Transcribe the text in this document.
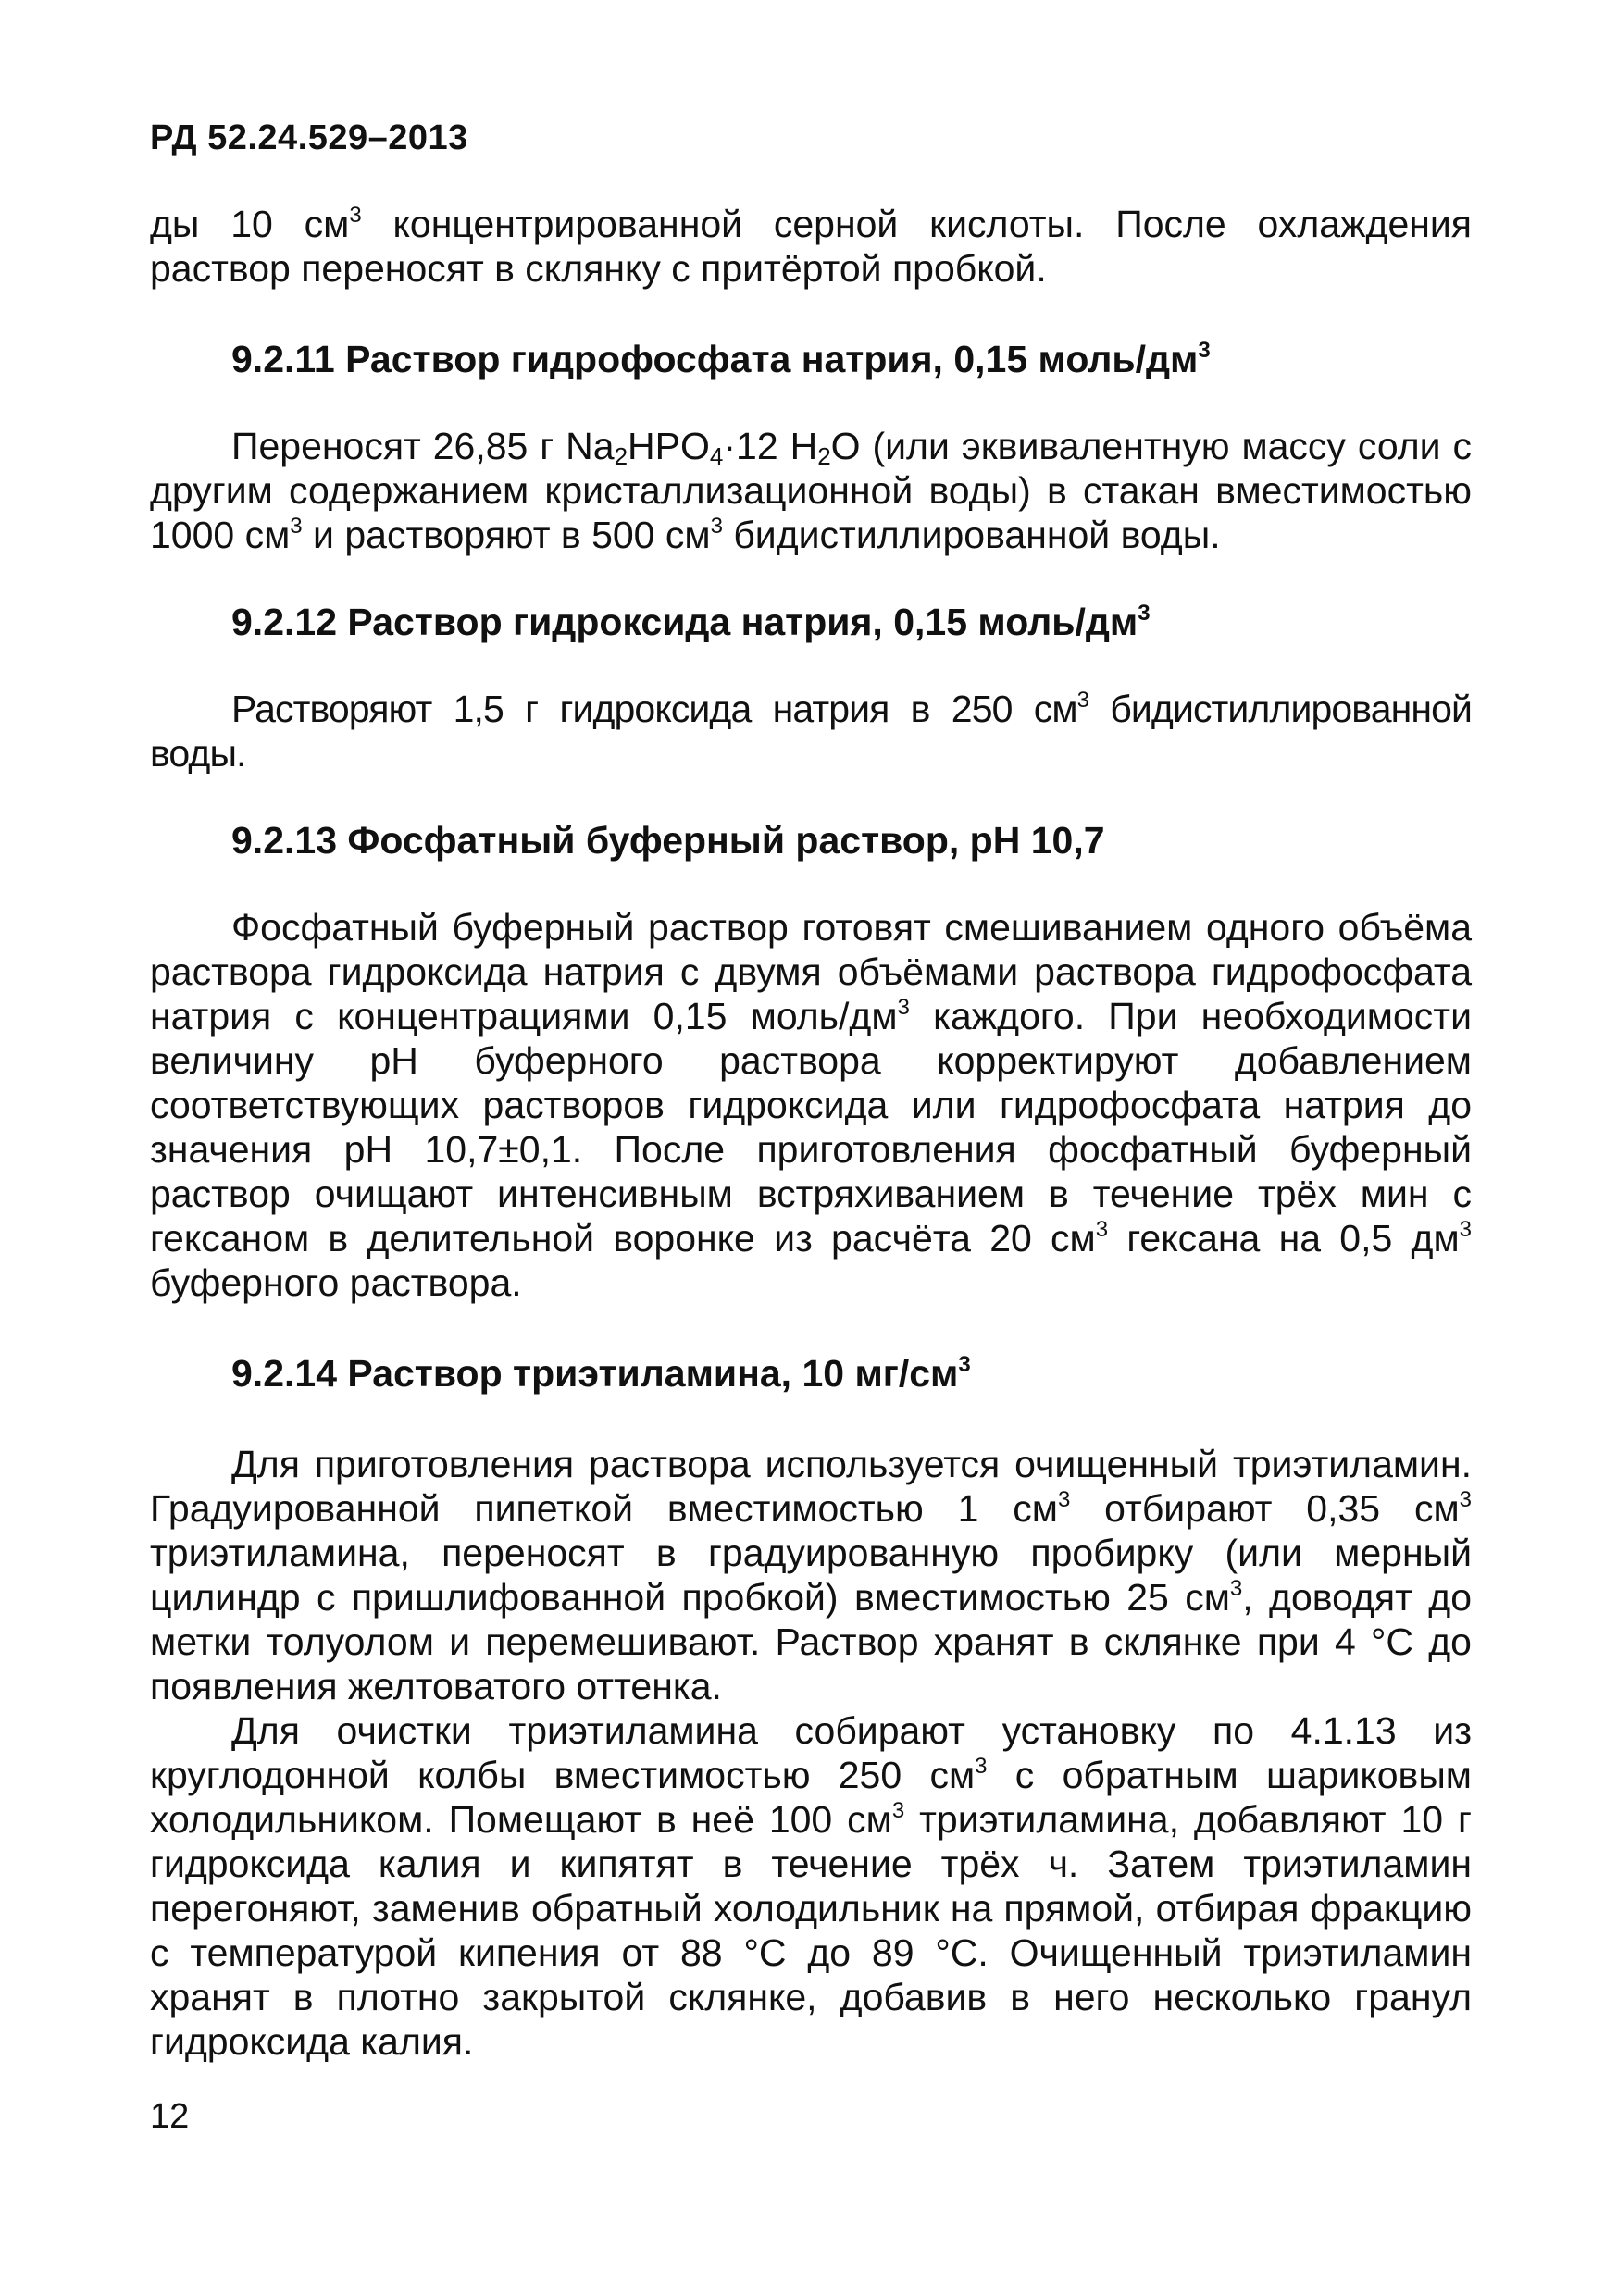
РД 52.24.529–2013

ды 10 $см^3$ концентрированной серной кислоты. После охлаждения раствор переносят в склянку с притёртой пробкой.

9.2.11 Раствор гидрофосфата натрия, 0,15 моль/$дм^3$

Переносят 26,85 г $Na_2HPO_4\cdot 12$ $H_2O$ (или эквивалентную массу соли с другим содержанием кристаллизационной воды) в стакан вместимостью 1000 $см^3$ и растворяют в 500 $см^3$ бидистиллированной воды.

9.2.12 Раствор гидроксида натрия, 0,15 моль/$дм^3$

Растворяют 1,5 г гидроксида натрия в 250 $см^3$ бидистиллированной воды.

9.2.13 Фосфатный буферный раствор, pH 10,7

Фосфатный буферный раствор готовят смешиванием одного объёма раствора гидроксида натрия с двумя объёмами раствора гидрофосфата натрия с концентрациями 0,15 моль/$дм^3$ каждого. При необходимости величину pH буферного раствора корректируют добавлением соответствующих растворов гидроксида или гидрофосфата натрия до значения pH 10,7±0,1. После приготовления фосфатный буферный раствор очищают интенсивным встряхиванием в течение трёх мин с гексаном в делительной воронке из расчёта 20 $см^3$ гексана на 0,5 $дм^3$ буферного раствора.

9.2.14 Раствор триэтиламина, 10 $мг/см^3$

Для приготовления раствора используется очищенный триэтиламин. Градуированной пипеткой вместимостью 1 $см^3$ отбирают 0,35 $см^3$ триэтиламина, переносят в градуированную пробирку (или мерный цилиндр с пришлифованной пробкой) вместимостью 25 $см^3$, доводят до метки толуолом и перемешивают. Раствор хранят в склянке при 4 °С до появления желтоватого оттенка.

Для очистки триэтиламина собирают установку по 4.1.13 из круглодонной колбы вместимостью 250 $см^3$ с обратным шариковым холодильником. Помещают в неё 100 $см^3$ триэтиламина, добавляют 10 г гидроксида калия и кипятят в течение трёх ч. Затем триэтиламин перегоняют, заменив обратный холодильник на прямой, отбирая фракцию с температурой кипения от 88 °С до 89 °С. Очищенный триэтиламин хранят в плотно закрытой склянке, добавив в него несколько гранул гидроксида калия.

12
